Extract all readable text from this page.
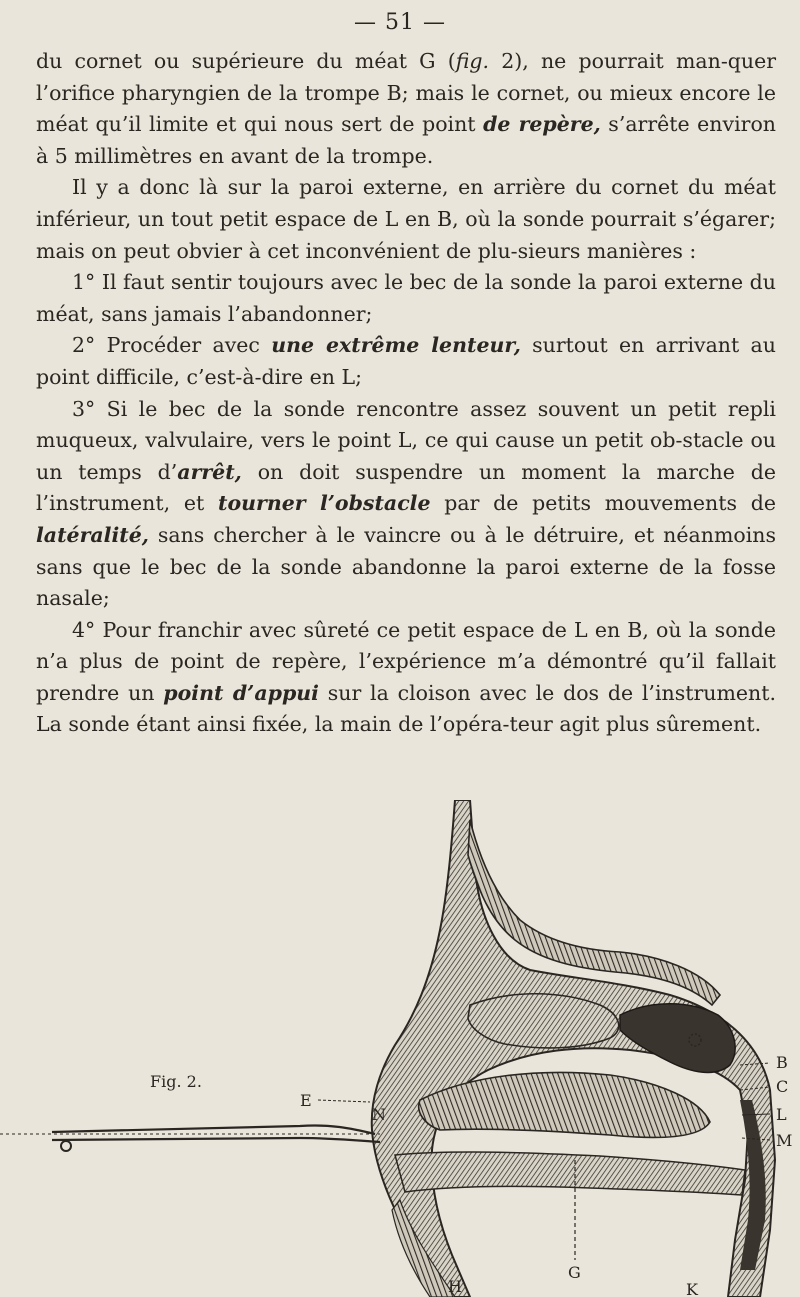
— 51 —

du cornet ou supérieure du méat G (fig. 2), ne pourrait man-quer l’orifice pharyngien de la trompe B; mais le cornet, ou mieux encore le méat qu’il limite et qui nous sert de point de repère, s’arrête environ à 5 millimètres en avant de la trompe.

Il y a donc là sur la paroi externe, en arrière du cornet du méat inférieur, un tout petit espace de L en B, où la sonde pourrait s’égarer; mais on peut obvier à cet inconvénient de plu-sieurs manières :

1° Il faut sentir toujours avec le bec de la sonde la paroi externe du méat, sans jamais l’abandonner;

2° Procéder avec une extrême lenteur, surtout en arrivant au point difficile, c’est-à-dire en L;

3° Si le bec de la sonde rencontre assez souvent un petit repli muqueux, valvulaire, vers le point L, ce qui cause un petit ob-stacle ou un temps d’arrêt, on doit suspendre un moment la marche de l’instrument, et tourner l’obstacle par de petits mouvements de latéralité, sans chercher à le vaincre ou à le détruire, et néanmoins sans que le bec de la sonde abandonne la paroi externe de la fosse nasale;

4° Pour franchir avec sûreté ce petit espace de L en B, où la sonde n’a plus de point de repère, l’expérience m’a démontré qu’il fallait prendre un point d’appui sur la cloison avec le dos de l’instrument. La sonde étant ainsi fixée, la main de l’opéra-teur agit plus sûrement.

Fig. 2.
E
N
B
C
L
M
G
H	K
